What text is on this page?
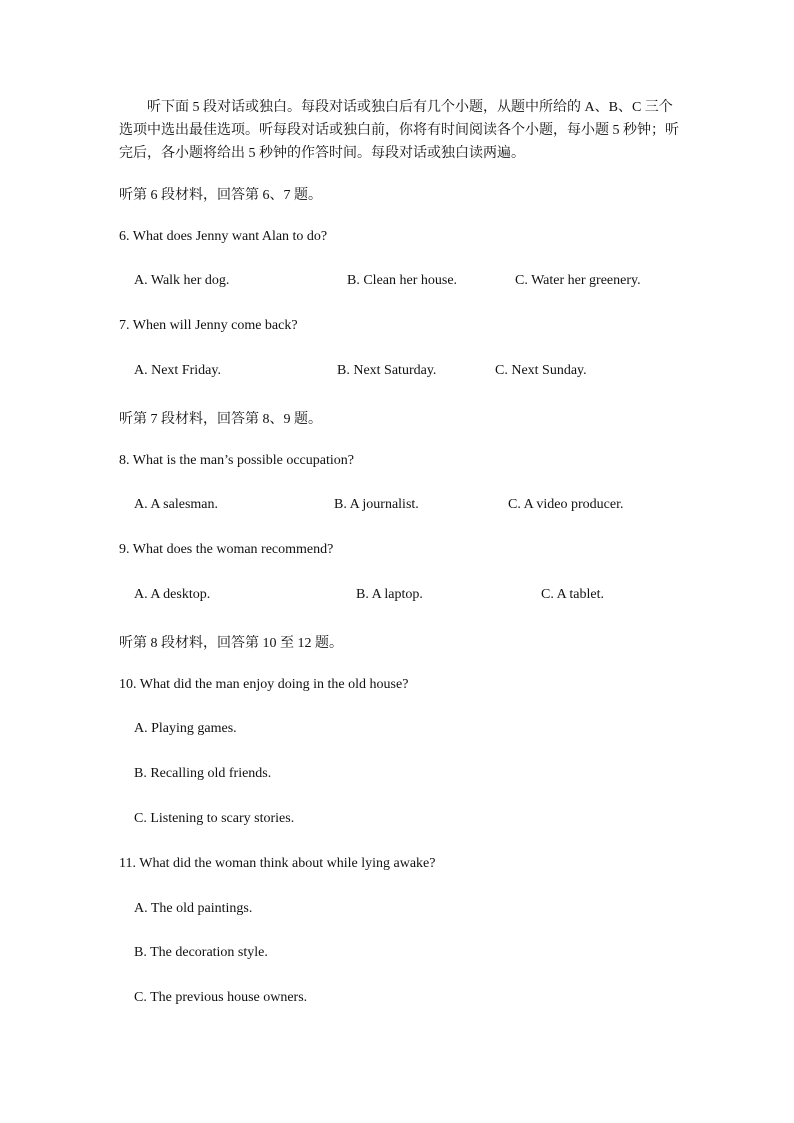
听下面 5 段对话或独白。每段对话或独白后有几个小题，从题中所给的 A、B、C 三个选项中选出最佳选项。听每段对话或独白前，你将有时间阅读各个小题，每小题 5 秒钟；听完后，各小题将给出 5 秒钟的作答时间。每段对话或独白读两遍。

听第 6 段材料，回答第 6、7 题。
6. What does Jenny want Alan to do?
A. Walk her dog.	B. Clean her house.	C. Water her greenery.
7. When will Jenny come back?
A. Next Friday.	B. Next Saturday.	C. Next Sunday.
听第 7 段材料，回答第 8、9 题。
8. What is the man’s possible occupation?
A. A salesman.	B. A journalist.	C. A video producer.
9. What does the woman recommend?
A. A desktop.	B. A laptop.	C. A tablet.
听第 8 段材料，回答第 10 至 12 题。
10. What did the man enjoy doing in the old house?
A. Playing games.
B. Recalling old friends.
C. Listening to scary stories.
11. What did the woman think about while lying awake?
A. The old paintings.
B. The decoration style.
C. The previous house owners.
